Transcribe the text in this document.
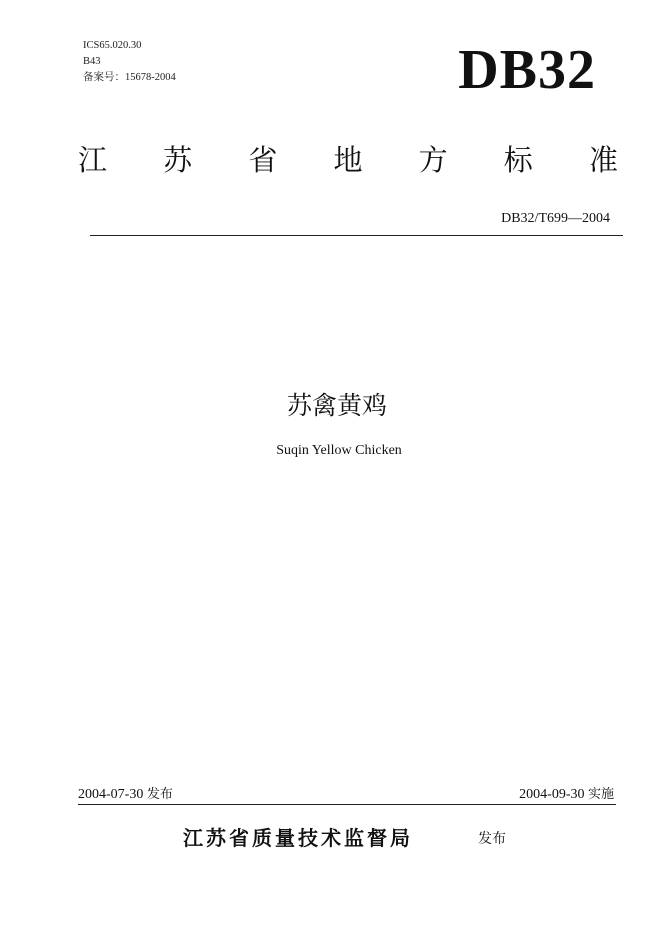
ICS65.020.30
B43
备案号：15678-2004	DB32
江 苏 省 地 方 标 准
DB32/T699—2004
苏禽黄鸡
Suqin Yellow Chicken
2004-07-30 发布	2004-09-30 实施
江苏省质量技术监督局	发布
